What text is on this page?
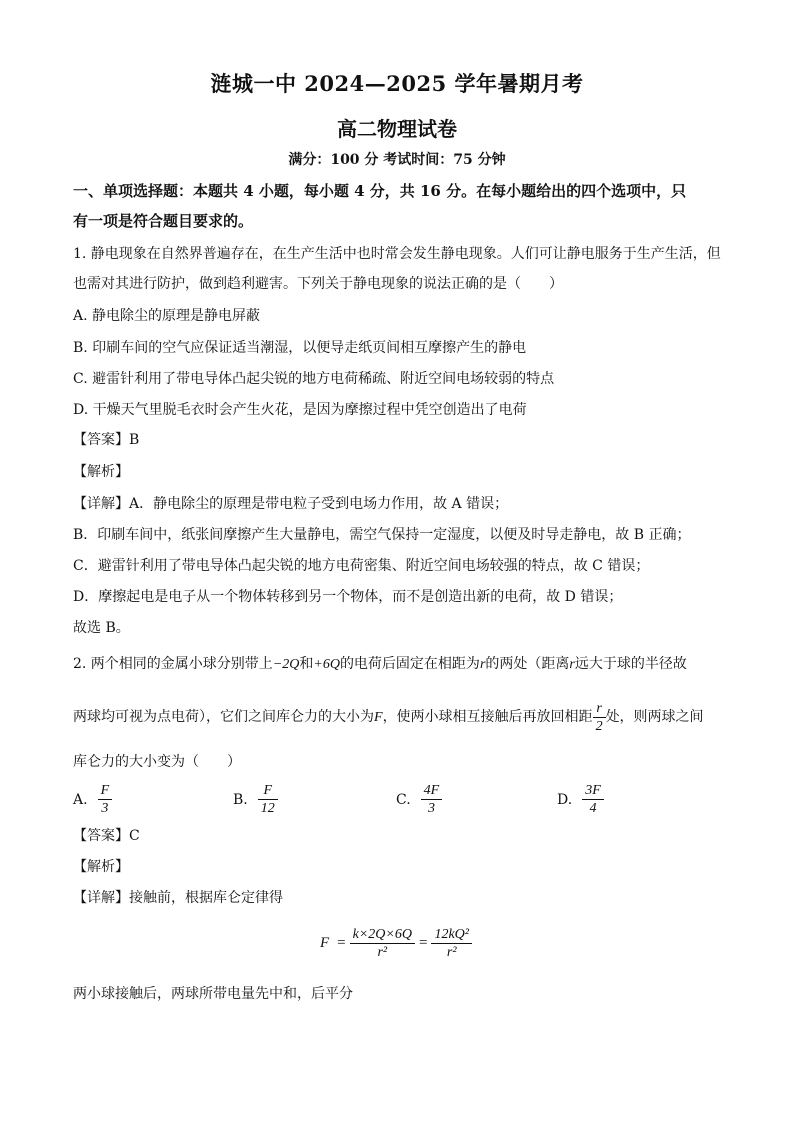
涟城一中 2024—2025 学年暑期月考
高二物理试卷
满分：100 分 考试时间：75 分钟
一、单项选择题：本题共 4 小题，每小题 4 分，共 16 分。在每小题给出的四个选项中，只
有一项是符合题目要求的。
1. 静电现象在自然界普遍存在，在生产生活中也时常会发生静电现象。人们可让静电服务于生产生活，但
也需对其进行防护，做到趋利避害。下列关于静电现象的说法正确的是（　　）
A. 静电除尘的原理是静电屏蔽
B. 印刷车间的空气应保证适当潮湿，以便导走纸页间相互摩擦产生的静电
C. 避雷针利用了带电导体凸起尖锐的地方电荷稀疏、附近空间电场较弱的特点
D. 干燥天气里脱毛衣时会产生火花，是因为摩擦过程中凭空创造出了电荷
【答案】B
【解析】
【详解】A．静电除尘的原理是带电粒子受到电场力作用，故 A 错误；
B．印刷车间中，纸张间摩擦产生大量静电，需空气保持一定湿度，以便及时导走静电，故 B 正确；
C．避雷针利用了带电导体凸起尖锐的地方电荷密集、附近空间电场较强的特点，故 C 错误；
D．摩擦起电是电子从一个物体转移到另一个物体，而不是创造出新的电荷，故 D 错误；
故选 B。
2. 两个相同的金属小球分别带上−2Q和+6Q的电荷后固定在相距为r的两处（距离r远大于球的半径故
两球均可视为点电荷），它们之间库仑力的大小为F，使两小球相互接触后再放回相距 $\frac{r}{2}$ 处，则两球之间
库仑力的大小变为（　　）
A. $\frac{F}{3}$	B. $\frac{F}{12}$	C. $\frac{4F}{3}$	D. $\frac{3F}{4}$
【答案】C
【解析】
【详解】接触前，根据库仑定律得
$F = \frac{k\times 2Q\times 6Q}{\text{r²}} = \frac{\text{12kQ²}}{\text{r²}}$
两小球接触后，两球所带电量先中和，后平分
